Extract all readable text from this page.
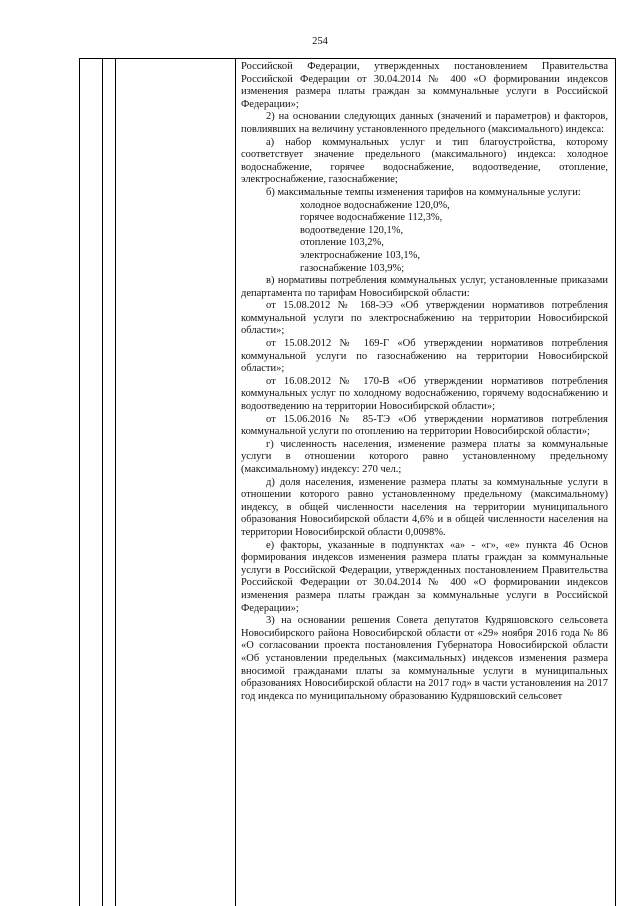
254

Российской Федерации, утвержденных постановлением Правительства Российской Федерации от 30.04.2014 № 400 «О формировании индексов изменения размера платы граждан за коммунальные услуги в Российской Федерации»;

2) на основании следующих данных (значений и параметров) и факторов, повлиявших на величину установленного предельного (максимального) индекса:

а) набор коммунальных услуг и тип благоустройства, которому соответствует значение предельного (максимального) индекса: холодное водоснабжение, горячее водоснабжение, водоотведение, отопление, электроснабжение, газоснабжение;

б) максимальные темпы изменения тарифов на коммунальные услуги:

холодное водоснабжение 120,0%,
горячее водоснабжение 112,3%,
водоотведение 120,1%,
отопление 103,2%,
электроснабжение 103,1%,
газоснабжение 103,9%;

в) нормативы потребления коммунальных услуг, установленные приказами департамента по тарифам Новосибирской области:

от 15.08.2012 № 168-ЭЭ «Об утверждении нормативов потребления коммунальной услуги по электроснабжению на территории Новосибирской области»;

от 15.08.2012 № 169-Г «Об утверждении нормативов потребления коммунальной услуги по газоснабжению на территории Новосибирской области»;

от 16.08.2012 № 170-В «Об утверждении нормативов потребления коммунальных услуг по холодному водоснабжению, горячему водоснабжению и водоотведению на территории Новосибирской области»;

от 15.06.2016 № 85-ТЭ «Об утверждении нормативов потребления коммунальной услуги по отоплению на территории Новосибирской области»;

г) численность населения, изменение размера платы за коммунальные услуги в отношении которого равно установленному предельному (максимальному) индексу: 270 чел.;

д) доля населения, изменение размера платы за коммунальные услуги в отношении которого равно установленному предельному (максимальному) индексу, в общей численности населения на территории муниципального образования Новосибирской области 4,6% и в общей численности населения на территории Новосибирской области 0,0098%.

е) факторы, указанные в подпунктах «а» - «г», «е» пункта 46 Основ формирования индексов изменения размера платы граждан за коммунальные услуги в Российской Федерации, утвержденных постановлением Правительства Российской Федерации от 30.04.2014 № 400 «О формировании индексов изменения размера платы граждан за коммунальные услуги в Российской Федерации»;

3) на основании решения Совета депутатов Кудряшовского сельсовета Новосибирского района Новосибирской области от «29» ноября 2016 года № 86 «О согласовании проекта постановления Губернатора Новосибирской области «Об установлении предельных (максимальных) индексов изменения размера вносимой гражданами платы за коммунальные услуги в муниципальных образованиях Новосибирской области на 2017 год» в части установления на 2017 год индекса по муниципальному образованию Кудряшовский сельсовет
